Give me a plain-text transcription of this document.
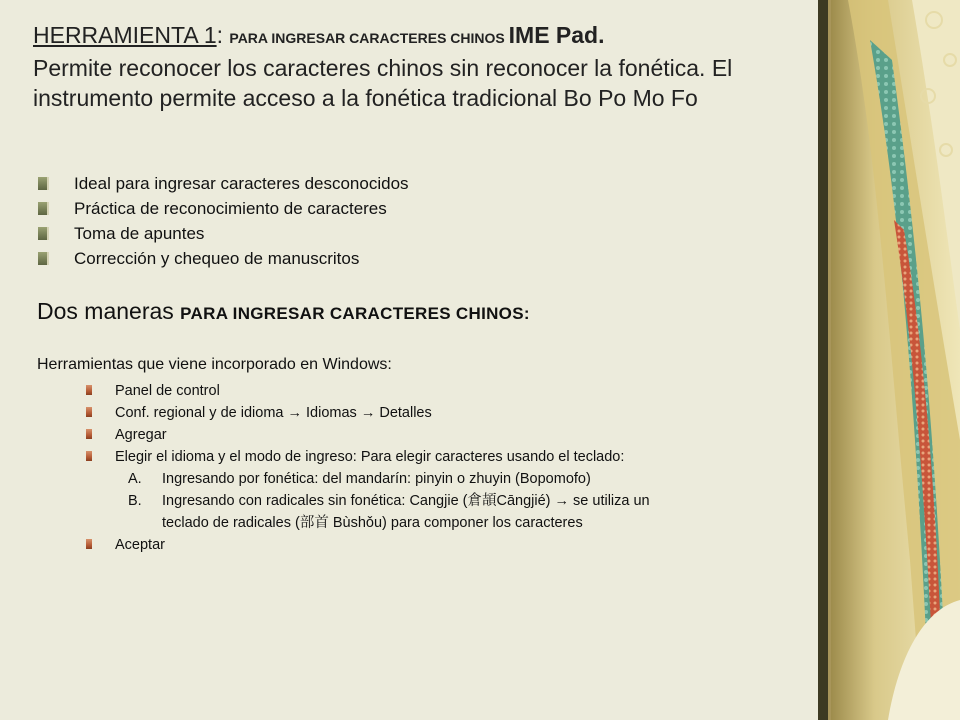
HERRAMIENTA 1: PARA INGRESAR CARACTERES CHINOS IME Pad.
Permite reconocer los caracteres chinos sin reconocer la fonética. El instrumento permite acceso a la fonética tradicional Bo Po Mo Fo
Ideal para ingresar caracteres desconocidos
Práctica de reconocimiento de caracteres
Toma de apuntes
Corrección y chequeo de manuscritos
Dos maneras PARA INGRESAR CARACTERES CHINOS:
Herramientas que viene incorporado en Windows:
Panel de control
Conf. regional y de idioma → Idiomas → Detalles
Agregar
Elegir el idioma y el modo de ingreso: Para elegir caracteres usando el teclado:
A. Ingresando por fonética: del mandarín: pinyin o zhuyin (Bopomofo)
B. Ingresando con radicales sin fonética: Cangjie (倉頡Cāngjié) → se utiliza un
teclado de radicales (部首 Bùshǒu) para componer los caracteres
Aceptar
